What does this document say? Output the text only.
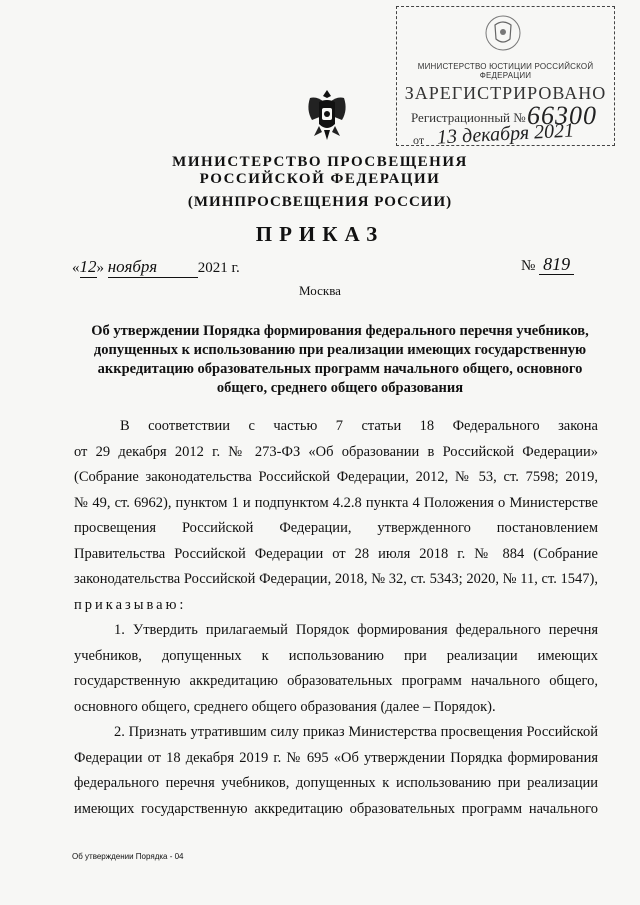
МИНИСТЕРСТВО ЮСТИЦИИ РОССИЙСКОЙ ФЕДЕРАЦИИ
ЗАРЕГИСТРИРОВАНО
Регистрационный № 66300
от 13 декабря 2021
МИНИСТЕРСТВО ПРОСВЕЩЕНИЯ
РОССИЙСКОЙ ФЕДЕРАЦИИ
(МИНПРОСВЕЩЕНИЯ РОССИИ)
ПРИКАЗ
«12» ноября	2021 г.	№ 819
Москва
Об утверждении Порядка формирования федерального перечня учебников, допущенных к использованию при реализации имеющих государственную аккредитацию образовательных программ начального общего, основного общего, среднего общего образования
В соответствии с частью 7 статьи 18 Федерального закона
от 29 декабря 2012 г. № 273-ФЗ «Об образовании в Российской Федерации»
(Собрание законодательства Российской Федерации, 2012, № 53, ст. 7598; 2019,
№ 49, ст. 6962), пунктом 1 и подпунктом 4.2.8 пункта 4 Положения о Министерстве
просвещения Российской Федерации, утвержденного постановлением
Правительства Российской Федерации от 28 июля 2018 г. № 884 (Собрание
законодательства Российской Федерации, 2018, № 32, ст. 5343; 2020, № 11, ст. 1547),
приказываю:
1. Утвердить прилагаемый Порядок формирования федерального перечня
учебников, допущенных к использованию при реализации имеющих
государственную аккредитацию образовательных программ начального общего,
основного общего, среднего общего образования (далее – Порядок).
2. Признать утратившим силу приказ Министерства просвещения Российской
Федерации от 18 декабря 2019 г. № 695 «Об утверждении Порядка формирования
федерального перечня учебников, допущенных к использованию при реализации
имеющих государственную аккредитацию образовательных программ начального
Об утверждении Порядка - 04
